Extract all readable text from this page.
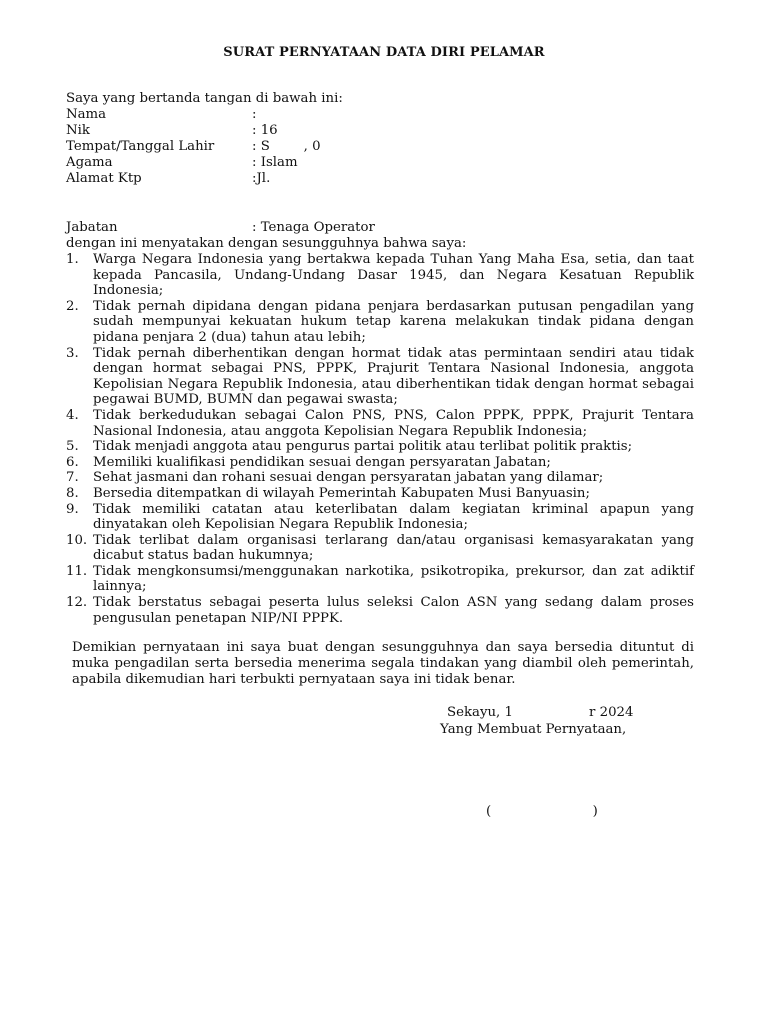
SURAT PERNYATAAN DATA DIRI PELAMAR
Saya yang bertanda tangan di bawah ini:
Nama	:
Nik	: 16
Tempat/Tanggal Lahir	: S        , 0
Agama	: Islam
Alamat Ktp	:Jl.
Jabatan	: Tenaga Operator
dengan ini menyatakan dengan sesungguhnya bahwa saya:
1.	Warga Negara Indonesia yang bertakwa kepada Tuhan Yang Maha Esa, setia, dan taat kepada Pancasila, Undang-Undang Dasar 1945, dan Negara Kesatuan Republik Indonesia;
2.	Tidak pernah dipidana dengan pidana penjara berdasarkan putusan pengadilan yang sudah mempunyai kekuatan hukum tetap karena melakukan tindak pidana dengan pidana penjara 2 (dua) tahun atau lebih;
3.	Tidak pernah diberhentikan dengan hormat tidak atas permintaan sendiri atau tidak dengan hormat sebagai PNS, PPPK, Prajurit Tentara Nasional Indonesia, anggota Kepolisian Negara Republik Indonesia, atau diberhentikan tidak dengan hormat sebagai pegawai BUMD, BUMN dan pegawai swasta;
4.	Tidak berkedudukan sebagai Calon PNS, PNS, Calon PPPK, PPPK, Prajurit Tentara Nasional Indonesia, atau anggota Kepolisian Negara Republik Indonesia;
5.	Tidak menjadi anggota atau pengurus partai politik atau terlibat politik praktis;
6.	Memiliki kualifikasi pendidikan sesuai dengan persyaratan Jabatan;
7.	Sehat jasmani dan rohani sesuai dengan persyaratan jabatan yang dilamar;
8.	Bersedia ditempatkan di wilayah Pemerintah Kabupaten Musi Banyuasin;
9.	Tidak memiliki catatan atau keterlibatan dalam kegiatan kriminal apapun yang dinyatakan oleh Kepolisian Negara Republik Indonesia;
10. Tidak terlibat dalam organisasi terlarang dan/atau organisasi kemasyarakatan yang dicabut status badan hukumnya;
11. Tidak mengkonsumsi/menggunakan narkotika, psikotropika, prekursor, dan zat adiktif lainnya;
12. Tidak berstatus sebagai peserta lulus seleksi Calon ASN yang sedang dalam proses pengusulan penetapan NIP/NI PPPK.
Demikian pernyataan ini saya buat dengan sesungguhnya dan saya bersedia dituntut di muka pengadilan serta bersedia menerima segala tindakan yang diambil oleh pemerintah, apabila dikemudian hari terbukti pernyataan saya ini tidak benar.
Sekayu, 1                  r 2024
Yang Membuat Pernyataan,
(                        )
